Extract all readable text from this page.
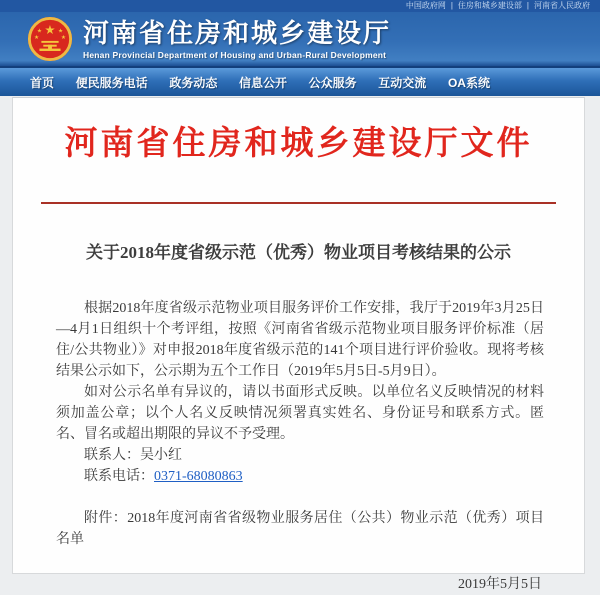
中国政府网 | 住房和城乡建设部 | 河南省人民政府
★
★	★
★	★ 河南省住房和城乡建设厅
Henan Provincial Department of Housing and Urban-Rural Development
首页 便民服务电话 政务动态 信息公开 公众服务 互动交流 OA系统
河南省住房和城乡建设厅文件
关于2018年度省级示范（优秀）物业项目考核结果的公示

根据2018年度省级示范物业项目服务评价工作安排，我厅于2019年3月25日—4月1日组织十个考评组，按照《河南省省级示范物业项目服务评价标准（居住/公共物业）》对申报2018年度省级示范的141个项目进行评价验收。现将考核结果公示如下，公示期为五个工作日（2019年5月5日-5月9日）。

如对公示名单有异议的，请以书面形式反映。以单位名义反映情况的材料须加盖公章；以个人名义反映情况须署真实姓名、身份证号和联系方式。匿名、冒名或超出期限的异议不予受理。

联系人：吴小红
联系电话：0371-68080863
附件：2018年度河南省省级物业服务居住（公共）物业示范（优秀）项目名单
2019年5月5日
